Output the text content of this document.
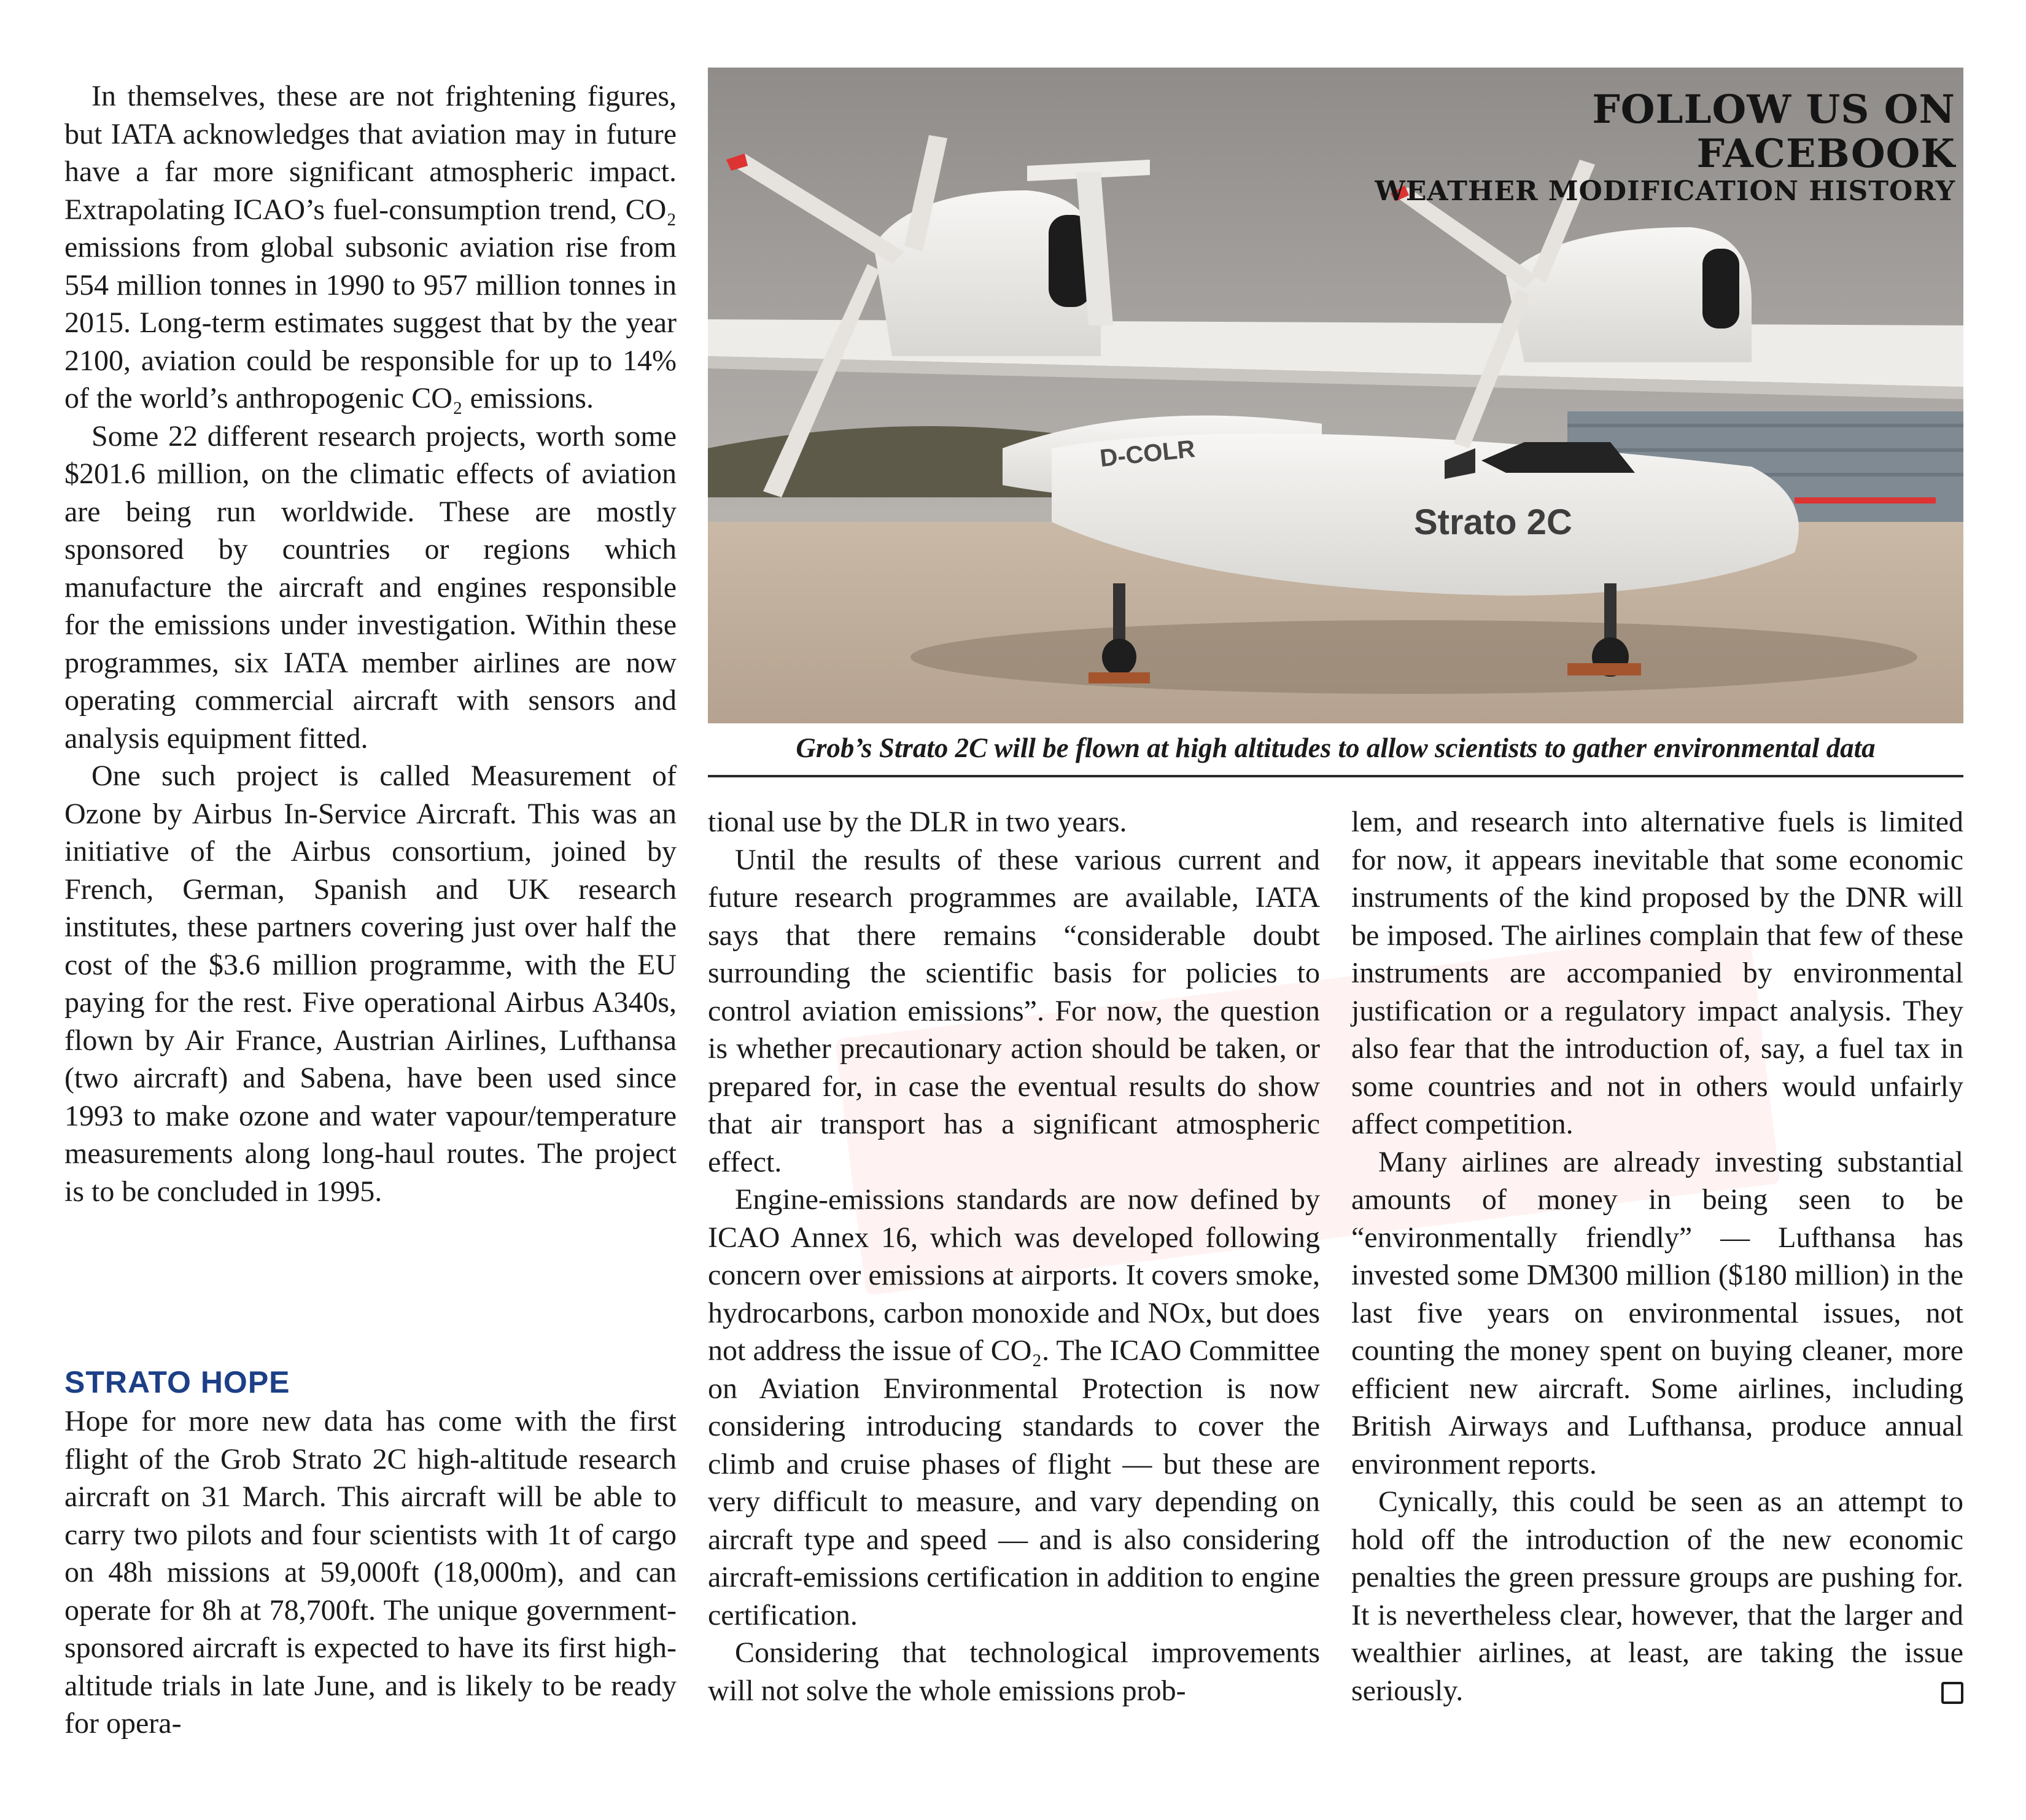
In themselves, these are not frightening figures, but IATA acknowledges that aviation may in future have a far more significant atmospheric impact. Extrapolating ICAO’s fuel-consumption trend, CO₂ emissions from global subsonic aviation rise from 554 million tonnes in 1990 to 957 million tonnes in 2015. Long-term estimates suggest that by the year 2100, aviation could be responsible for up to 14% of the world’s anthropogenic CO₂ emissions.

Some 22 different research projects, worth some $201.6 million, on the climatic effects of aviation are being run worldwide. These are mostly sponsored by countries or regions which manufacture the aircraft and engines responsible for the emissions under investigation. Within these programmes, six IATA member airlines are now operating commercial aircraft with sensors and analysis equipment fitted.

One such project is called Measurement of Ozone by Airbus In-Service Aircraft. This was an initiative of the Airbus consortium, joined by French, German, Spanish and UK research institutes, these partners covering just over half the cost of the $3.6 million programme, with the EU paying for the rest. Five operational Airbus A340s, flown by Air France, Austrian Airlines, Lufthansa (two aircraft) and Sabena, have been used since 1993 to make ozone and water vapour/temperature measurements along long-haul routes. The project is to be concluded in 1995.

STRATO HOPE

Hope for more new data has come with the first flight of the Grob Strato 2C high-altitude research aircraft on 31 March. This aircraft will be able to carry two pilots and four scientists with 1t of cargo on 48h missions at 59,000ft (18,000m), and can operate for 8h at 78,700ft. The unique government-sponsored aircraft is expected to have its first high-altitude trials in late June, and is likely to be ready for opera-

D-COLR
Strato 2C
FOLLOW US ON FACEBOOK
WEATHER MODIFICATION HISTORY
Grob’s Strato 2C will be flown at high altitudes to allow scientists to gather environmental data

tional use by the DLR in two years.

Until the results of these various current and future research programmes are available, IATA says that there remains “considerable doubt surrounding the scientific basis for policies to control aviation emissions”. For now, the question is whether precautionary action should be taken, or prepared for, in case the eventual results do show that air transport has a significant atmospheric effect.

Engine-emissions standards are now defined by ICAO Annex 16, which was developed following concern over emissions at airports. It covers smoke, hydrocarbons, carbon monoxide and NOx, but does not address the issue of CO₂. The ICAO Committee on Aviation Environmental Protection is now considering introducing standards to cover the climb and cruise phases of flight — but these are very difficult to measure, and vary depending on aircraft type and speed — and is also considering aircraft-emissions certification in addition to engine certification.

Considering that technological improvements will not solve the whole emissions prob-

lem, and research into alternative fuels is limited for now, it appears inevitable that some economic instruments of the kind proposed by the DNR will be imposed. The airlines complain that few of these instruments are accompanied by environmental justification or a regulatory impact analysis. They also fear that the introduction of, say, a fuel tax in some countries and not in others would unfairly affect competition.

Many airlines are already investing substantial amounts of money in being seen to be “environmentally friendly” — Lufthansa has invested some DM300 million ($180 million) in the last five years on environmental issues, not counting the money spent on buying cleaner, more efficient new aircraft. Some airlines, including British Airways and Lufthansa, produce annual environment reports.

Cynically, this could be seen as an attempt to hold off the introduction of the new economic penalties the green pressure groups are pushing for. It is nevertheless clear, however, that the larger and wealthier airlines, at least, are taking the issue seriously.
